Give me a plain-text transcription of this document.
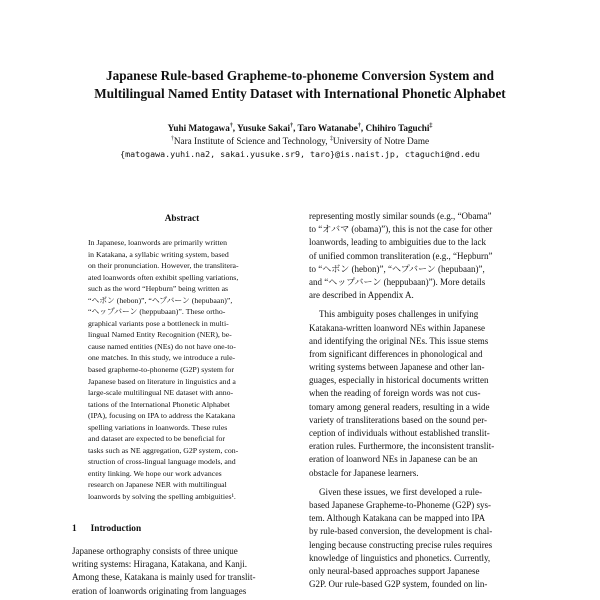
Japanese Rule-based Grapheme-to-phoneme Conversion System and
Multilingual Named Entity Dataset with International Phonetic Alphabet
Yuhi Matogawa†, Yusuke Sakai†, Taro Watanabe†, Chihiro Taguchi‡
†Nara Institute of Science and Technology, ‡University of Notre Dame
{matogawa.yuhi.na2, sakai.yusuke.sr9, taro}@is.naist.jp, ctaguchi@nd.edu
Abstract
In Japanese, loanwords are primarily written
in Katakana, a syllabic writing system, based
on their pronunciation. However, the translitera-
ated loanwords often exhibit spelling variations,
such as the word “Hepburn” being written as
“ヘボン (hebon)”, “ヘプバーン (hepubaan)”,
“ヘップバーン (heppubaan)”. These ortho-
graphical variants pose a bottleneck in multi-
lingual Named Entity Recognition (NER), be-
cause named entities (NEs) do not have one-to-
one matches. In this study, we introduce a rule-
based grapheme-to-phoneme (G2P) system for
Japanese based on literature in linguistics and a
large-scale multilingual NE dataset with anno-
tations of the International Phonetic Alphabet
(IPA), focusing on IPA to address the Katakana
spelling variations in loanwords. These rules
and dataset are expected to be beneficial for
tasks such as NE aggregation, G2P system, con-
struction of cross-lingual language models, and
entity linking. We hope our work advances
research on Japanese NER with multilingual
loanwords by solving the spelling ambiguities¹.
1 Introduction
Japanese orthography consists of three unique
writing systems: Hiragana, Katakana, and Kanji.
Among these, Katakana is mainly used for translit-
eration of loanwords originating from languages
representing mostly similar sounds (e.g., “Obama”
to “オバマ (obama)”), this is not the case for other
loanwords, leading to ambiguities due to the lack
of unified common transliteration (e.g., “Hepburn”
to “ヘボン (hebon)”, “ヘプバーン (hepubaan)”,
and “ヘップバーン (heppubaan)”). More details
are described in Appendix A.
This ambiguity poses challenges in unifying
Katakana-written loanword NEs within Japanese
and identifying the original NEs. This issue stems
from significant differences in phonological and
writing systems between Japanese and other lan-
guages, especially in historical documents written
when the reading of foreign words was not cus-
tomary among general readers, resulting in a wide
variety of transliterations based on the sound per-
ception of individuals without established translit-
eration rules. Furthermore, the inconsistent translit-
eration of loanword NEs in Japanese can be an
obstacle for Japanese learners.
Given these issues, we first developed a rule-
based Japanese Grapheme-to-Phoneme (G2P) sys-
tem. Although Katakana can be mapped into IPA
by rule-based conversion, the development is chal-
lenging because constructing precise rules requires
knowledge of linguistics and phonetics. Currently,
only neural-based approaches support Japanese
G2P. Our rule-based G2P system, founded on lin-
